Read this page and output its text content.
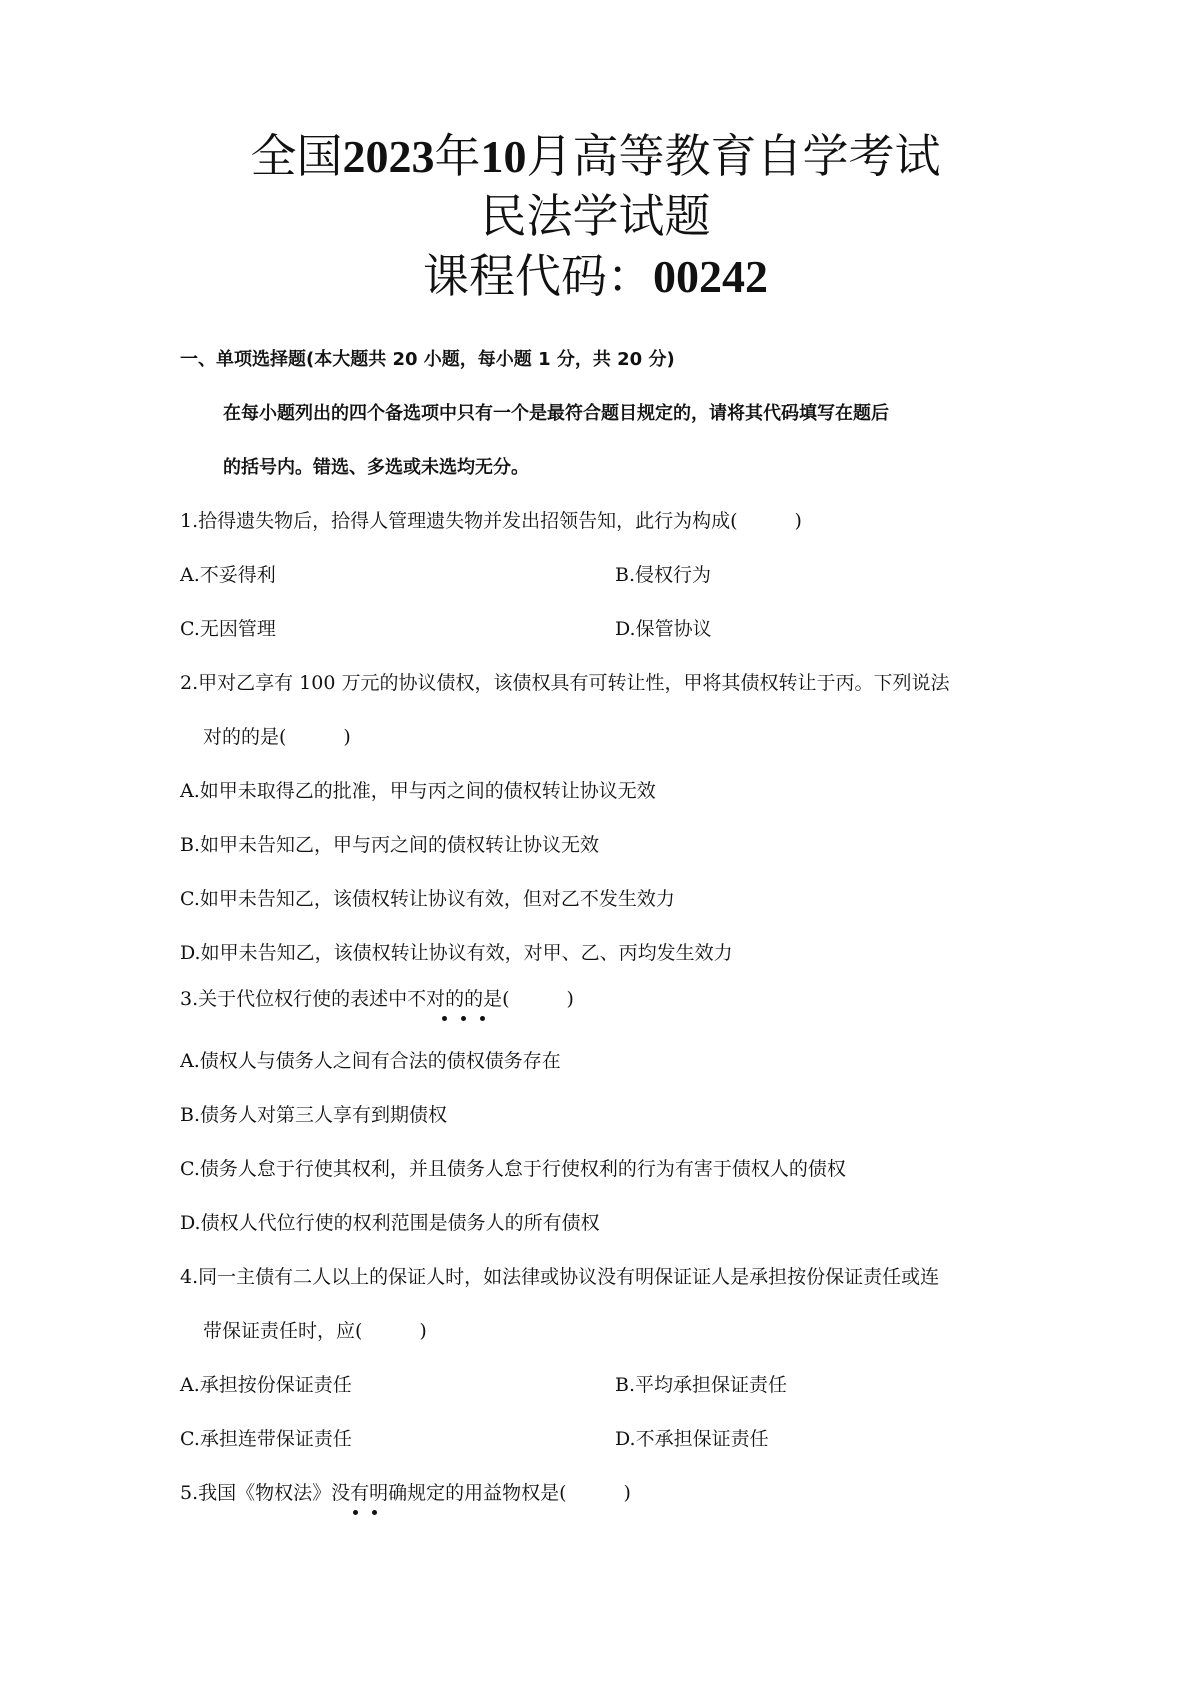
全国2023年10月高等教育自学考试
民法学试题
课程代码：00242
一、单项选择题(本大题共 20 小题，每小题 1 分，共 20 分)
在每小题列出的四个备选项中只有一个是最符合题目规定的，请将其代码填写在题后
的括号内。错选、多选或未选均无分。
1.拾得遗失物后，拾得人管理遗失物并发出招领告知，此行为构成(　　　)
A.不妥得利	B.侵权行为
C.无因管理	D.保管协议
2.甲对乙享有 100 万元的协议债权，该债权具有可转让性，甲将其债权转让于丙。下列说法
对的的是(　　　)
A.如甲未取得乙的批准，甲与丙之间的债权转让协议无效
B.如甲未告知乙，甲与丙之间的债权转让协议无效
C.如甲未告知乙，该债权转让协议有效，但对乙不发生效力
D.如甲未告知乙，该债权转让协议有效，对甲、乙、丙均发生效力
3.关于代位权行使的表述中不对的的是(　　　)
A.债权人与债务人之间有合法的债权债务存在
B.债务人对第三人享有到期债权
C.债务人怠于行使其权利，并且债务人怠于行使权利的行为有害于债权人的债权
D.债权人代位行使的权利范围是债务人的所有债权
4.同一主债有二人以上的保证人时，如法律或协议没有明保证证人是承担按份保证责任或连
带保证责任时，应(　　　)
A.承担按份保证责任	B.平均承担保证责任
C.承担连带保证责任	D.不承担保证责任
5.我国《物权法》没有明确规定的用益物权是(　　　)
